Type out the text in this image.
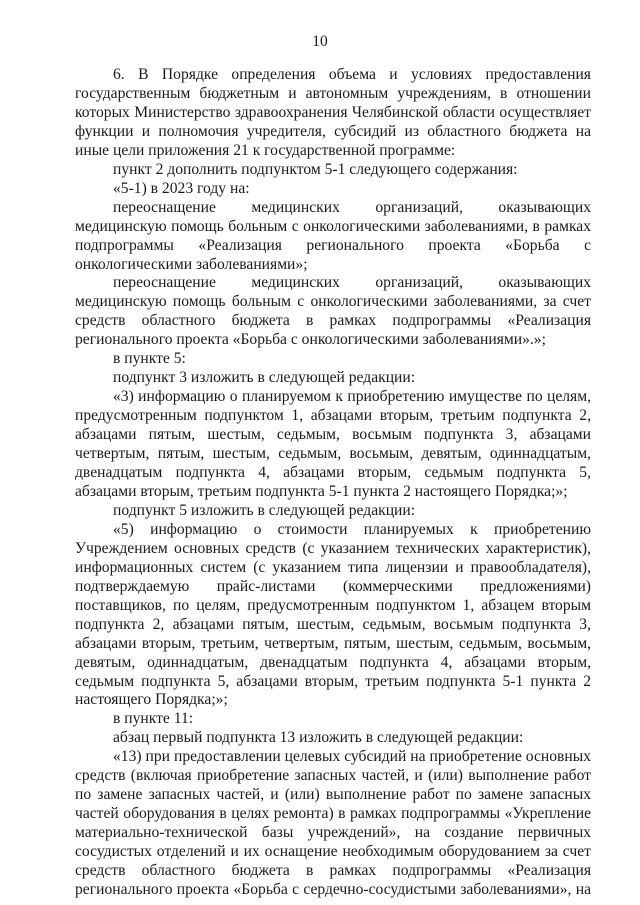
10

6. В Порядке определения объема и условиях предоставления государственным бюджетным и автономным учреждениям, в отношении которых Министерство здравоохранения Челябинской области осуществляет функции и полномочия учредителя, субсидий из областного бюджета на иные цели приложения 21 к государственной программе:

пункт 2 дополнить подпунктом 5-1 следующего содержания:

«5-1) в 2023 году на:

переоснащение медицинских организаций, оказывающих медицинскую помощь больным с онкологическими заболеваниями, в рамках подпрограммы «Реализация регионального проекта «Борьба с онкологическими заболеваниями»;

переоснащение медицинских организаций, оказывающих медицинскую помощь больным с онкологическими заболеваниями, за счет средств областного бюджета в рамках подпрограммы «Реализация регионального проекта «Борьба с онкологическими заболеваниями».»;

в пункте 5:

подпункт 3 изложить в следующей редакции:

«3) информацию о планируемом к приобретению имуществе по целям, предусмотренным подпунктом 1, абзацами вторым, третьим подпункта 2, абзацами пятым, шестым, седьмым, восьмым подпункта 3, абзацами четвертым, пятым, шестым, седьмым, восьмым, девятым, одиннадцатым, двенадцатым подпункта 4, абзацами вторым, седьмым подпункта 5, абзацами вторым, третьим подпункта 5-1 пункта 2 настоящего Порядка;»;

подпункт 5 изложить в следующей редакции:

«5) информацию о стоимости планируемых к приобретению Учреждением основных средств (с указанием технических характеристик), информационных систем (с указанием типа лицензии и правообладателя), подтверждаемую прайс-листами (коммерческими предложениями) поставщиков, по целям, предусмотренным подпунктом 1, абзацем вторым подпункта 2, абзацами пятым, шестым, седьмым, восьмым подпункта 3, абзацами вторым, третьим, четвертым, пятым, шестым, седьмым, восьмым, девятым, одиннадцатым, двенадцатым подпункта 4, абзацами вторым, седьмым подпункта 5, абзацами вторым, третьим подпункта 5-1 пункта 2 настоящего Порядка;»;

в пункте 11:

абзац первый подпункта 13 изложить в следующей редакции:

«13) при предоставлении целевых субсидий на приобретение основных средств (включая приобретение запасных частей, и (или) выполнение работ по замене запасных частей, и (или) выполнение работ по замене запасных частей оборудования в целях ремонта) в рамках подпрограммы «Укрепление материально-технической базы учреждений», на создание первичных сосудистых отделений и их оснащение необходимым оборудованием за счет средств областного бюджета в рамках подпрограммы «Реализация регионального проекта «Борьба с сердечно-сосудистыми заболеваниями», на
